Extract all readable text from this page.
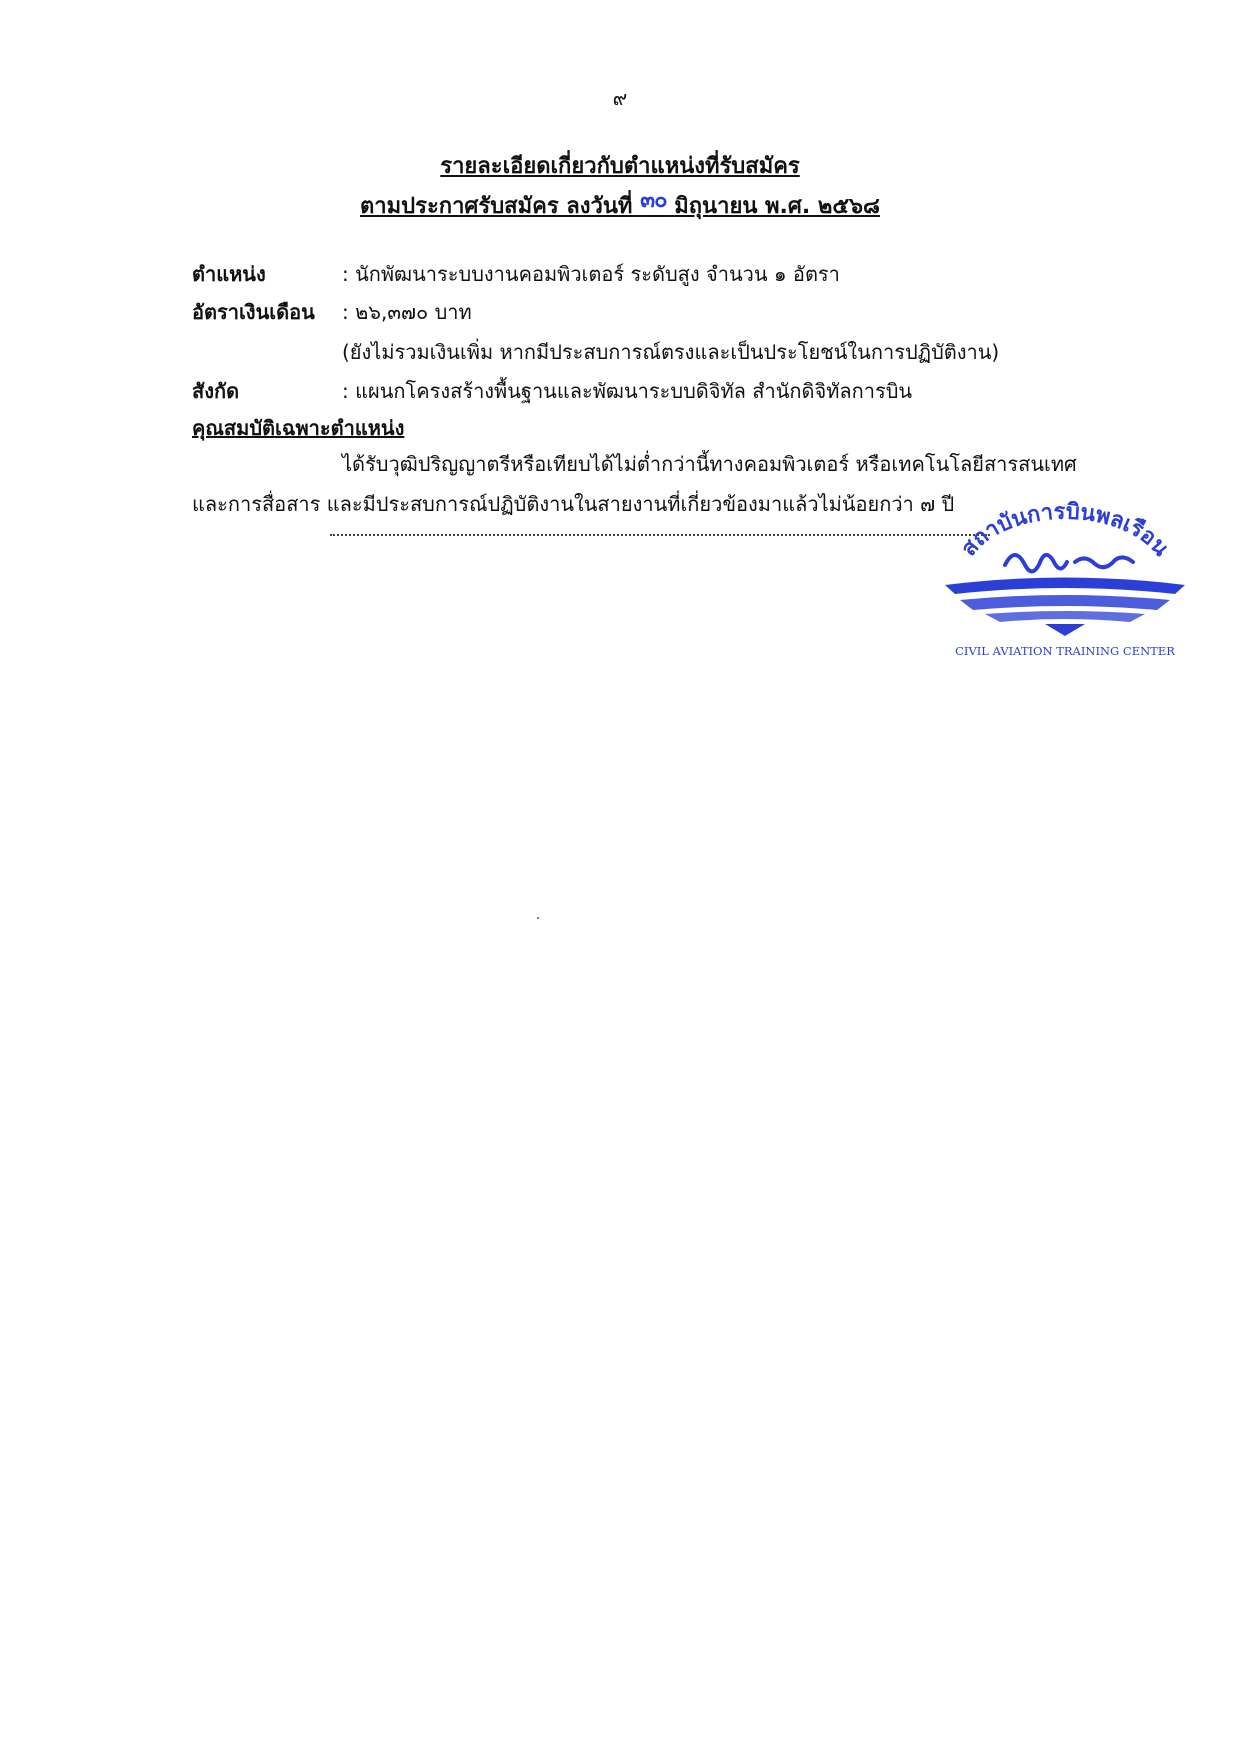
๙
รายละเอียดเกี่ยวกับตำแหน่งที่รับสมัคร
ตามประกาศรับสมัคร ลงวันที่ ๓๐ มิถุนายน พ.ศ. ๒๕๖๘
ตำแหน่ง	: นักพัฒนาระบบงานคอมพิวเตอร์ ระดับสูง จำนวน ๑ อัตรา
อัตราเงินเดือน : ๒๖,๓๗๐ บาท
(ยังไม่รวมเงินเพิ่ม หากมีประสบการณ์ตรงและเป็นประโยชน์ในการปฏิบัติงาน)
สังกัด	: แผนกโครงสร้างพื้นฐานและพัฒนาระบบดิจิทัล สำนักดิจิทัลการบิน
คุณสมบัติเฉพาะตำแหน่ง
ได้รับวุฒิปริญญาตรีหรือเทียบได้ไม่ต่ำกว่านี้ทางคอมพิวเตอร์ หรือเทคโนโลยีสารสนเทศ
และการสื่อสาร และมีประสบการณ์ปฏิบัติงานในสายงานที่เกี่ยวข้องมาแล้วไม่น้อยกว่า ๗ ปี
สถาบันการบินพลเรือน
CIVIL AVIATION TRAINING CENTER
